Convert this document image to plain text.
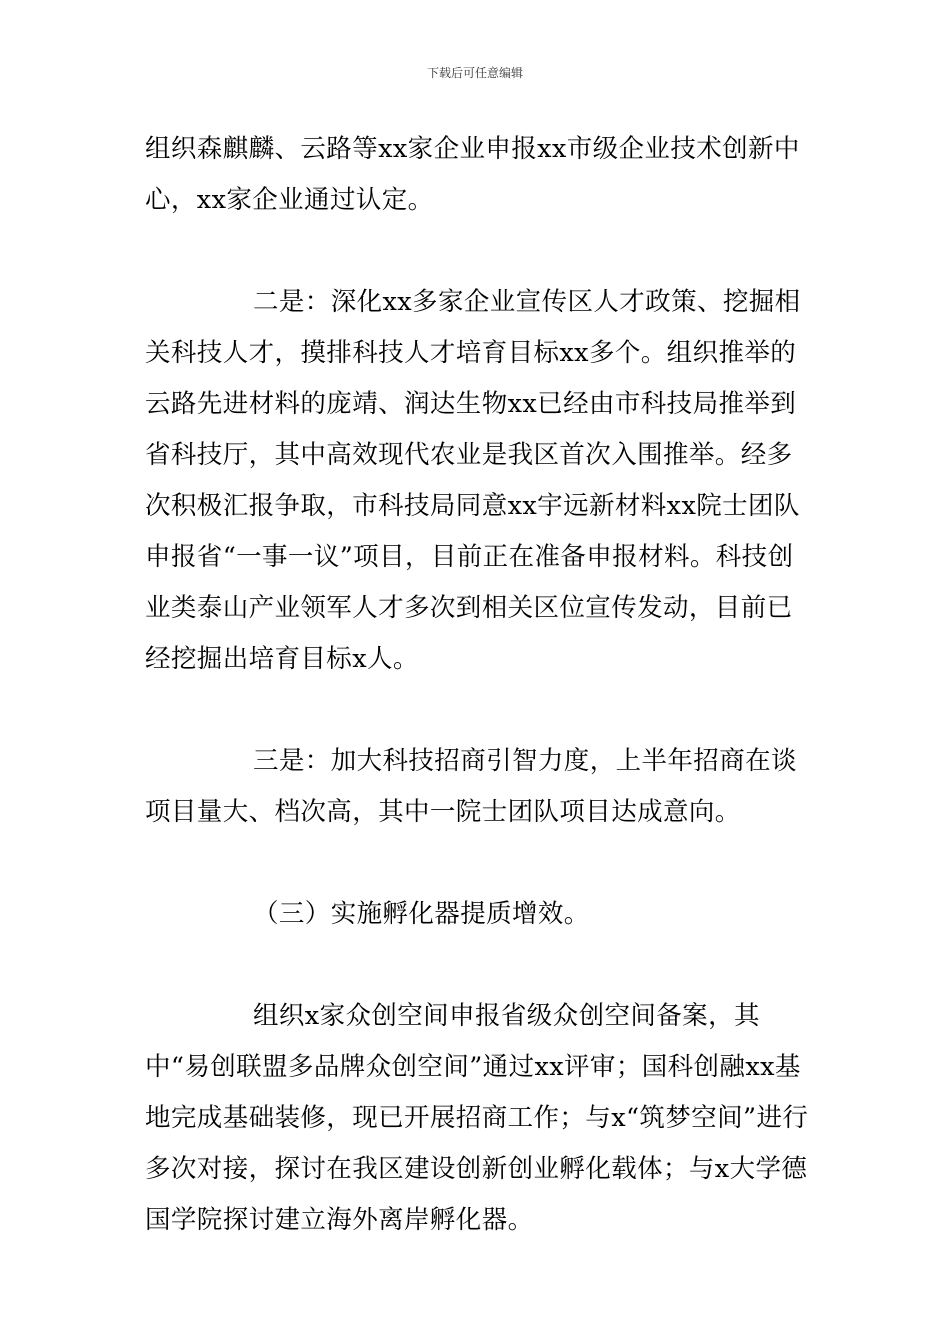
下载后可任意编辑

组织森麒麟、云路等xx家企业申报xx市级企业技术创新中心，xx家企业通过认定。

二是：深化xx多家企业宣传区人才政策、挖掘相关科技人才，摸排科技人才培育目标xx多个。组织推举的云路先进材料的庞靖、润达生物xx已经由市科技局推举到省科技厅，其中高效现代农业是我区首次入围推举。经多次积极汇报争取，市科技局同意xx宇远新材料xx院士团队申报省“一事一议”项目，目前正在准备申报材料。科技创业类泰山产业领军人才多次到相关区位宣传发动，目前已经挖掘出培育目标x人。

三是：加大科技招商引智力度，上半年招商在谈项目量大、档次高，其中一院士团队项目达成意向。

（三）实施孵化器提质增效。

组织x家众创空间申报省级众创空间备案，其中“易创联盟多品牌众创空间”通过xx评审；国科创融xx基地完成基础装修，现已开展招商工作；与x“筑梦空间”进行多次对接，探讨在我区建设创新创业孵化载体；与x大学德国学院探讨建立海外离岸孵化器。
